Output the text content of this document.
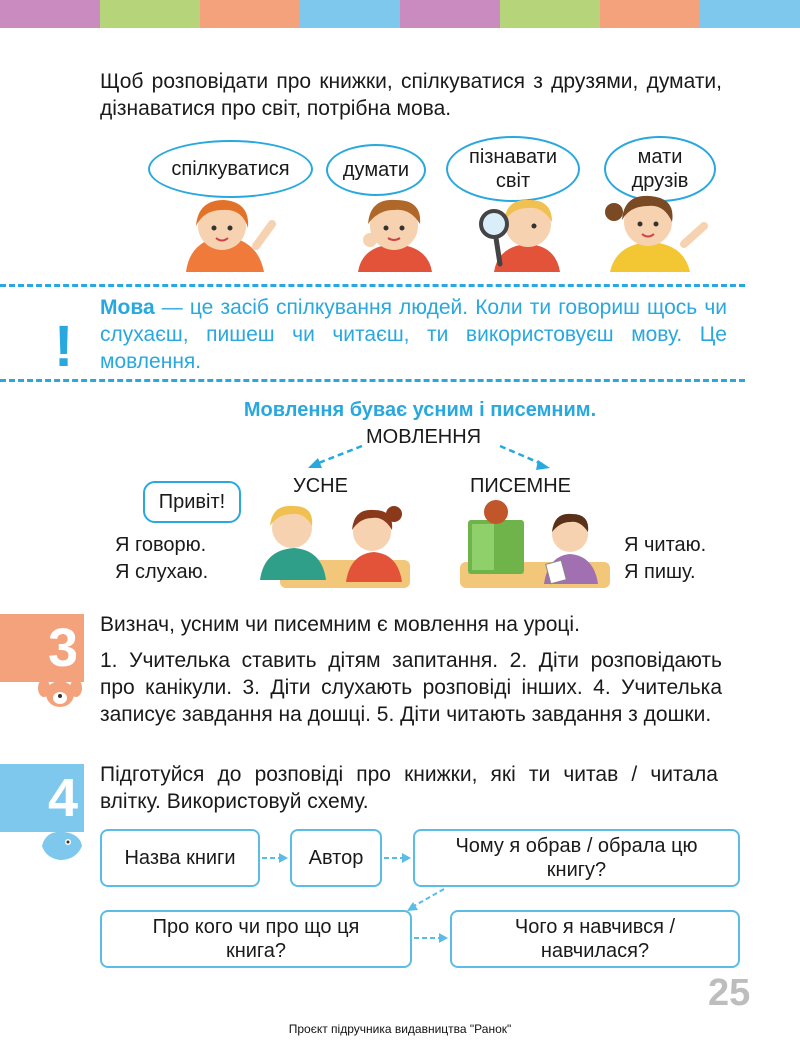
Щоб розповідати про книжки, спілкуватися з друзями, думати, дізнаватися про світ, потрібна мова.

спілкуватися	думати
пізнавати світ
мати друзів
!

Мова — це засіб спілкування людей. Коли ти говориш щось чи слухаєш, пишеш чи читаєш, ти використовуєш мову. Це мовлення.

Мовлення буває усним і писемним.
МОВЛЕННЯ
УСНЕ	ПИСЕМНЕ
Привіт!
Я говорю.
Я слухаю.
Я читаю.
Я пишу.
3 Визнач, усним чи писемним є мовлення на уроці.

1. Учителька ставить дітям запитання. 2. Діти розповідають про канікули. 3. Діти слухають розповіді інших. 4. Учителька записує завдання на дошці. 5. Діти читають завдання з дошки.

4 Підготуйся до розповіді про книжки, які ти читав / читала влітку. Використовуй схему.

Назва книги	Автор
Чому я обрав / обрала цю книгу?
Про кого чи про що ця книга?
Чого я навчився / навчилася?
25
Проєкт підручника видавництва "Ранок"
